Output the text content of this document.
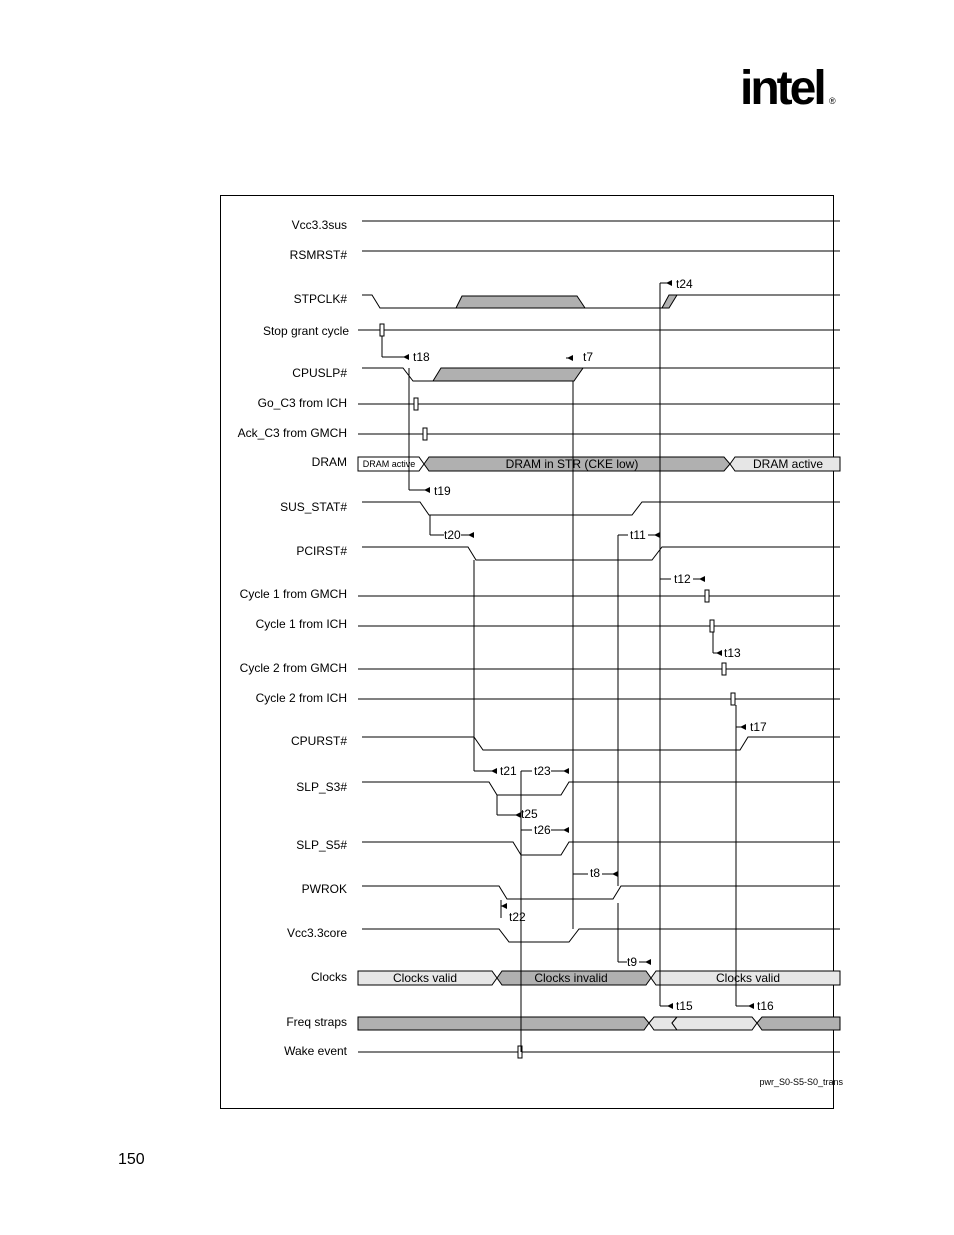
intel ®
Vcc3.3sus
RSMRST#
STPCLK#
Stop grant cycle
CPUSLP#
Go_C3 from ICH
Ack_C3 from GMCH
DRAM
SUS_STAT#
PCIRST#
Cycle 1 from GMCH
Cycle 1 from ICH
Cycle 2 from GMCH
Cycle 2 from ICH
CPURST#
SLP_S3#
SLP_S5#
PWROK
Vcc3.3core
Clocks
Freq straps
Wake event
DRAM active	DRAM in STR (CKE low)	DRAM active
Clocks valid	Clocks invalid	Clocks valid
t24
t18	t7
t19
t20	t11
t12
t13
t17
t21 t23
t25
t26
t8
t22
t9
t15	t16
pwr_S0-S5-S0_trans
150
